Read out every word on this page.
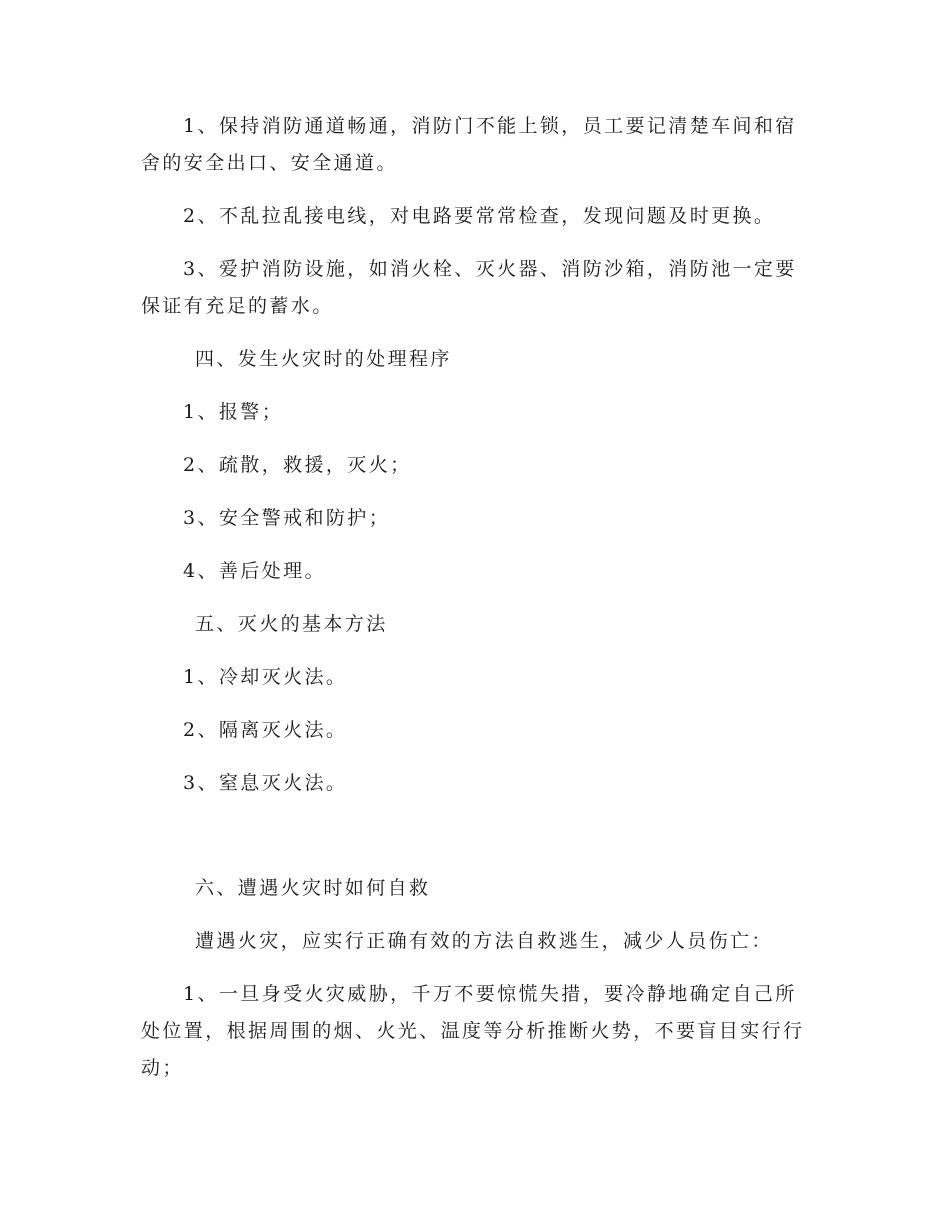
1、保持消防通道畅通，消防门不能上锁，员工要记清楚车间和宿舍的安全出口、安全通道。

2、不乱拉乱接电线，对电路要常常检查，发现问题及时更换。

3、爱护消防设施，如消火栓、灭火器、消防沙箱，消防池一定要保证有充足的蓄水。

四、发生火灾时的处理程序

1、报警；

2、疏散，救援，灭火；

3、安全警戒和防护；

4、善后处理。

五、灭火的基本方法

1、冷却灭火法。

2、隔离灭火法。

3、窒息灭火法。

六、遭遇火灾时如何自救

遭遇火灾，应实行正确有效的方法自救逃生，减少人员伤亡：

1、一旦身受火灾威胁，千万不要惊慌失措，要冷静地确定自己所处位置，根据周围的烟、火光、温度等分析推断火势，不要盲目实行行动；
